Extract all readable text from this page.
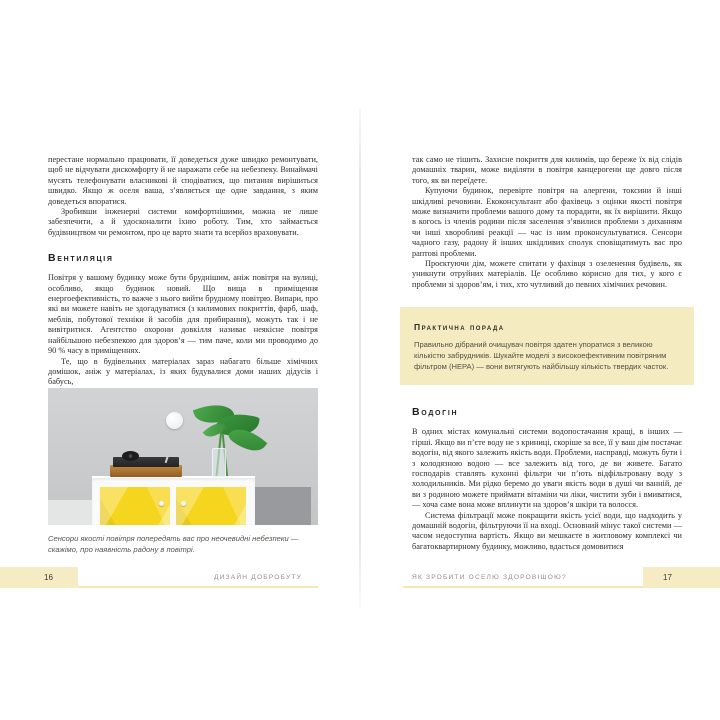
перестане нормально працювати, її доведеться дуже швидко ремонтувати, щоб не відчувати дискомфорту й не наражати себе на небезпеку. Винаймачі мусять телефонувати власникові й сподіватися, що питання вирішиться швидко. Якщо ж оселя ваша, з’являється ще одне завдання, з яким доведеться впоратися.

Зробивши інженерні системи комфортнішими, можна не лише забезпечити, а й удосконалити їхню роботу. Тим, хто займається будівництвом чи ремонтом, про це варто знати та всерйоз враховувати.

Вентиляція

Повітря у вашому будинку може бути бруднішим, аніж повітря на вулиці, особливо, якщо будинок новий. Що вища в приміщення енергоефективність, то важче з нього вийти брудному повітрю. Випари, про які ви можете навіть не здогадуватися (з килимових покриттів, фарб, шаф, меблів, побутової техніки й засобів для прибирання), можуть так і не вивітритися. Агентство охорони довкілля називає неякісне повітря найбільшою небезпекою для здоров’я — тим паче, коли ми проводимо до 90 % часу в приміщеннях.

Те, що в будівельних матеріалах зараз набагато більше хімічних домішок, аніж у матеріалах, із яких будувалися доми наших дідусів і бабусь,

Сенсори якості повітря попередять вас про неочевидні небезпеки — скажімо, про наявність радону в повітрі.

16	ДИЗАЙН ДОБРОБУТУ

так само не тішить. Захисне покриття для килимів, що береже їх від слідів домашніх тварин, може виділяти в повітря канцерогени ще довго після того, як ви переїдете.

Купуючи будинок, перевірте повітря на алергени, токсини й інші шкідливі речовини. Екоконсультант або фахівець з оцінки якості повітря може визначити проблеми вашого дому та порадити, як їх вирішити. Якщо в когось із членів родини після заселення з’явилися проблеми з диханням чи інші хворобливі реакції — час із ним проконсультуватися. Сенсори чадного газу, радону й інших шкідливих сполук сповіщатимуть вас про раптові проблеми.

Проєктуючи дім, можете спитати у фахівця з озеленення будівель, як уникнути отруйних матеріалів. Це особливо корисно для тих, у кого є проблеми зі здоров’ям, і тих, хто чутливий до певних хімічних речовин.

Практична порада
Правильно дібраний очищувач повітря здатен упоратися з великою кількістю забрудників. Шукайте моделі з високоефективним повітряним фільтром (HEPA) — вони витягують найбільшу кількість твердих часток.
Водогін

В одних містах комунальні системи водопостачання кращі, в інших — гірші. Якщо ви п’єте воду не з криниці, скоріше за все, її у ваш дім постачає водогін, від якого залежить якість води. Проблеми, насправді, можуть бути і з колодязною водою — все залежить від того, де ви живете. Багато господарів ставлять кухонні фільтри чи п’ють відфільтровану воду з холодильників. Ми рідко беремо до уваги якість води в душі чи ванній, де ви з родиною можете приймати вітаміни чи ліки, чистити зуби і вмиватися, — хоча саме вона може вплинути на здоров’я шкіри та волосся.

Система фільтрації може покращити якість усієї води, що надходить у домашній водогін, фільтруючи її на вході. Основний мінус такої системи — часом недоступна вартість. Якщо ви мешкаєте в житловому комплексі чи багатоквартирному будинку, можливо, вдасться домовитися

ЯК ЗРОБИТИ ОСЕЛЮ ЗДОРОВІШОЮ?	17
